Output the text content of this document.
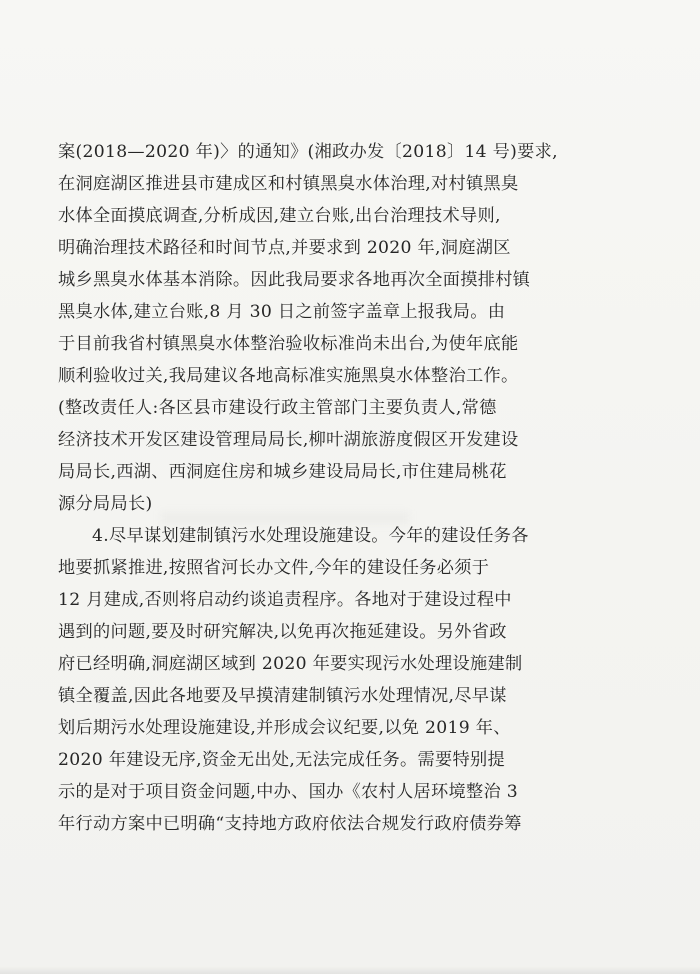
案(2018—2020 年)〉的通知》(湘政办发〔2018〕14 号)要求,
在洞庭湖区推进县市建成区和村镇黑臭水体治理,对村镇黑臭
水体全面摸底调查,分析成因,建立台账,出台治理技术导则,
明确治理技术路径和时间节点,并要求到 2020 年,洞庭湖区
城乡黑臭水体基本消除。因此我局要求各地再次全面摸排村镇
黑臭水体,建立台账,8 月 30 日之前签字盖章上报我局。由
于目前我省村镇黑臭水体整治验收标准尚未出台,为使年底能
顺利验收过关,我局建议各地高标准实施黑臭水体整治工作。
(整改责任人:各区县市建设行政主管部门主要负责人,常德
经济技术开发区建设管理局局长,柳叶湖旅游度假区开发建设
局局长,西湖、西洞庭住房和城乡建设局局长,市住建局桃花
源分局局长)
4.尽早谋划建制镇污水处理设施建设。今年的建设任务各
地要抓紧推进,按照省河长办文件,今年的建设任务必须于
12 月建成,否则将启动约谈追责程序。各地对于建设过程中
遇到的问题,要及时研究解决,以免再次拖延建设。另外省政
府已经明确,洞庭湖区域到 2020 年要实现污水处理设施建制
镇全覆盖,因此各地要及早摸清建制镇污水处理情况,尽早谋
划后期污水处理设施建设,并形成会议纪要,以免 2019 年、
2020 年建设无序,资金无出处,无法完成任务。需要特别提
示的是对于项目资金问题,中办、国办《农村人居环境整治 3
年行动方案中已明确“支持地方政府依法合规发行政府债券筹
